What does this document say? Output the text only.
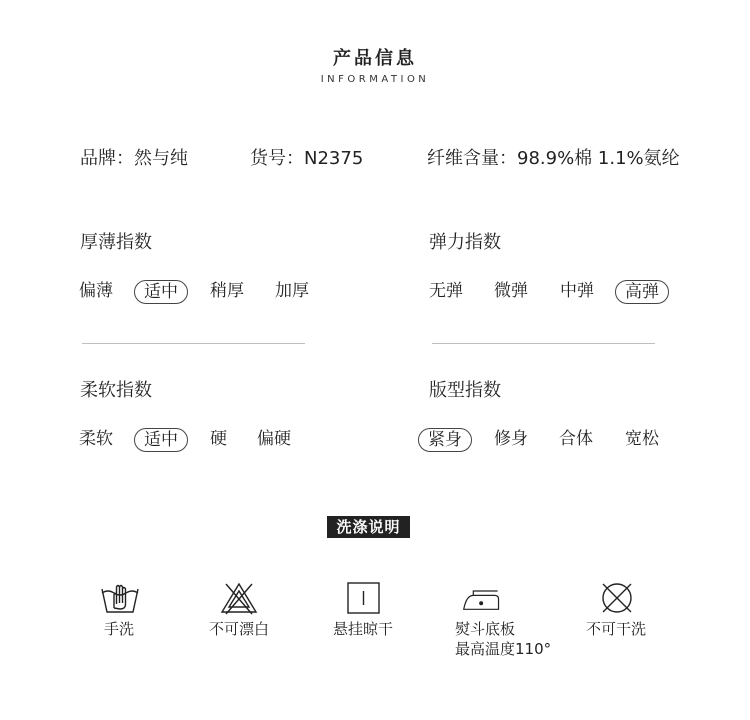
产品信息
INFORMATION
品牌：然与纯	货号：N2375	纤维含量：98.9%棉 1.1%氨纶
厚薄指数
偏薄	适中	稍厚 加厚
弹力指数
无弹 微弹 中弹	高弹
柔软指数
柔软	适中	硬 偏硬
版型指数
紧身	修身 合体 宽松
洗涤说明
手洗	不可漂白	悬挂晾干	熨斗底板
最高温度110°
不可干洗
